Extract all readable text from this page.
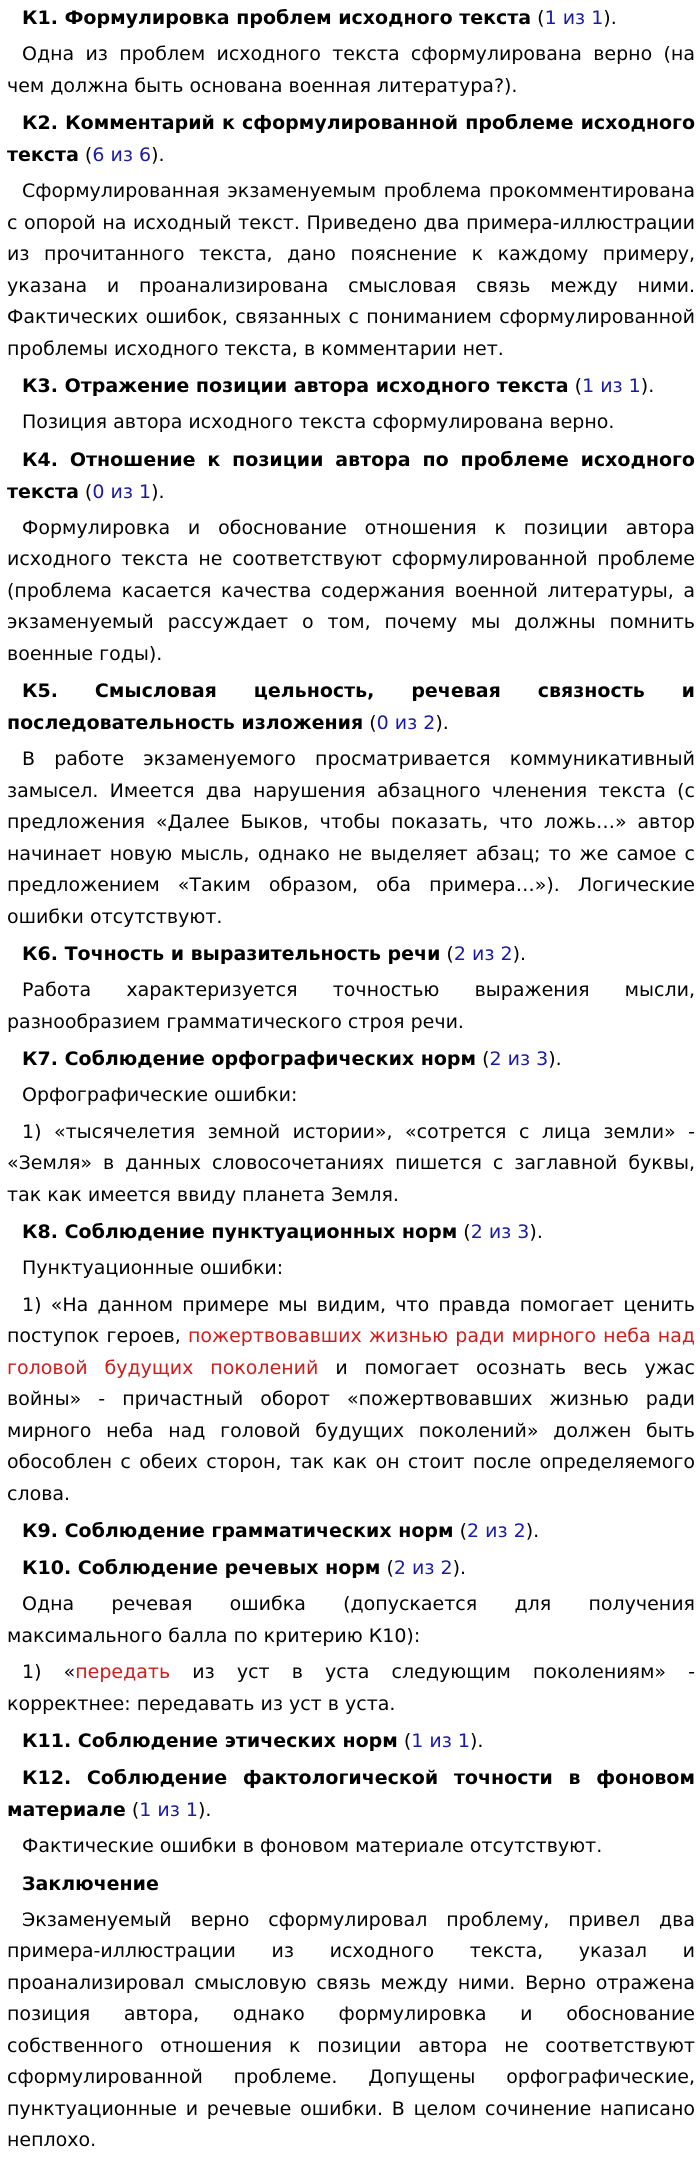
К1. Формулировка проблем исходного текста (1 из 1).

Одна из проблем исходного текста сформулирована верно (на чем должна быть основана военная литература?).

К2. Комментарий к сформулированной проблеме исходного текста (6 из 6).

Сформулированная экзаменуемым проблема прокомментирована с опорой на исходный текст. Приведено два примера-иллюстрации из прочитанного текста, дано пояснение к каждому примеру, указана и проанализирована смысловая связь между ними. Фактических ошибок, связанных с пониманием сформулированной проблемы исходного текста, в комментарии нет.

К3. Отражение позиции автора исходного текста (1 из 1).

Позиция автора исходного текста сформулирована верно.

К4. Отношение к позиции автора по проблеме исходного текста (0 из 1).

Формулировка и обоснование отношения к позиции автора исходного текста не соответствуют сформулированной проблеме (проблема касается качества содержания военной литературы, а экзаменуемый рассуждает о том, почему мы должны помнить военные годы).

К5. Смысловая цельность, речевая связность и последовательность изложения (0 из 2).

В работе экзаменуемого просматривается коммуникативный замысел. Имеется два нарушения абзацного членения текста (с предложения «Далее Быков, чтобы показать, что ложь…» автор начинает новую мысль, однако не выделяет абзац; то же самое с предложением «Таким образом, оба примера…»). Логические ошибки отсутствуют.

К6. Точность и выразительность речи (2 из 2).

Работа характеризуется точностью выражения мысли, разнообразием грамматического строя речи.

К7. Соблюдение орфографических норм (2 из 3).

Орфографические ошибки:

1) «тысячелетия земной истории», «сотрется с лица земли» - «Земля» в данных словосочетаниях пишется с заглавной буквы, так как имеется ввиду планета Земля.

К8. Соблюдение пунктуационных норм (2 из 3).

Пунктуационные ошибки:

1) «На данном примере мы видим, что правда помогает ценить поступок героев, пожертвовавших жизнью ради мирного неба над головой будущих поколений и помогает осознать весь ужас войны» - причастный оборот «пожертвовавших жизнью ради мирного неба над головой будущих поколений» должен быть обособлен с обеих сторон, так как он стоит после определяемого слова.

К9. Соблюдение грамматических норм (2 из 2).

К10. Соблюдение речевых норм (2 из 2).

Одна речевая ошибка (допускается для получения максимального балла по критерию К10):

1) «передать из уст в уста следующим поколениям» - корректнее: передавать из уст в уста.

К11. Соблюдение этических норм (1 из 1).

К12. Соблюдение фактологической точности в фоновом материале (1 из 1).

Фактические ошибки в фоновом материале отсутствуют.

Заключение

Экзаменуемый верно сформулировал проблему, привел два примера-иллюстрации из исходного текста, указал и проанализировал смысловую связь между ними. Верно отражена позиция автора, однако формулировка и обоснование собственного отношения к позиции автора не соответствуют сформулированной проблеме. Допущены орфографические, пунктуационные и речевые ошибки. В целом сочинение написано неплохо.
